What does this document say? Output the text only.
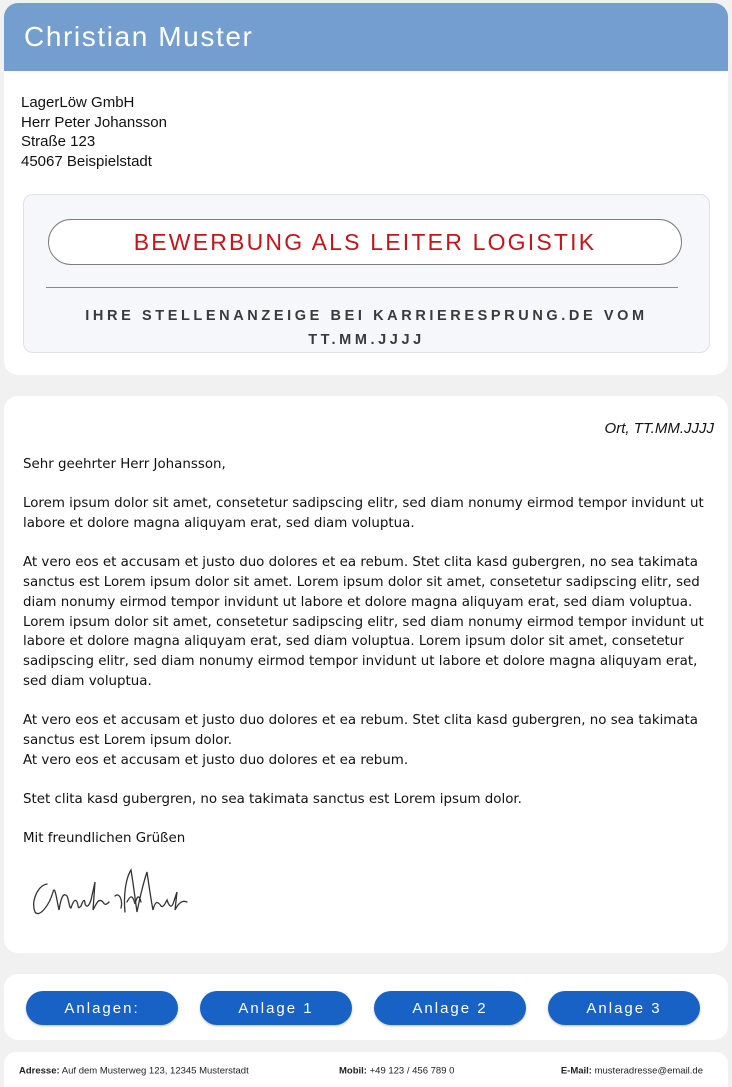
Christian Muster
LagerLöw GmbH
Herr Peter Johansson
Straße 123
45067 Beispielstadt
BEWERBUNG ALS LEITER LOGISTIK
IHRE STELLENANZEIGE BEI KARRIERESPRUNG.DE VOM TT.MM.JJJJ
Ort, TT.MM.JJJJ

Sehr geehrter Herr Johansson,

Lorem ipsum dolor sit amet, consetetur sadipscing elitr, sed diam nonumy eirmod tempor invidunt ut labore et dolore magna aliquyam erat, sed diam voluptua.

At vero eos et accusam et justo duo dolores et ea rebum. Stet clita kasd gubergren, no sea takimata sanctus est Lorem ipsum dolor sit amet. Lorem ipsum dolor sit amet, consetetur sadipscing elitr, sed diam nonumy eirmod tempor invidunt ut labore et dolore magna aliquyam erat, sed diam voluptua. Lorem ipsum dolor sit amet, consetetur sadipscing elitr, sed diam nonumy eirmod tempor invidunt ut labore et dolore magna aliquyam erat, sed diam voluptua. Lorem ipsum dolor sit amet, consetetur sadipscing elitr, sed diam nonumy eirmod tempor invidunt ut labore et dolore magna aliquyam erat, sed diam voluptua.

At vero eos et accusam et justo duo dolores et ea rebum. Stet clita kasd gubergren, no sea takimata sanctus est Lorem ipsum dolor.

At vero eos et accusam et justo duo dolores et ea rebum.

Stet clita kasd gubergren, no sea takimata sanctus est Lorem ipsum dolor.

Mit freundlichen Grüßen

Anlagen:	Anlage 1	Anlage 2	Anlage 3
Adresse: Auf dem Musterweg 123, 12345 Musterstadt	Mobil: +49 123 / 456 789 0	E-Mail: musteradresse@email.de
